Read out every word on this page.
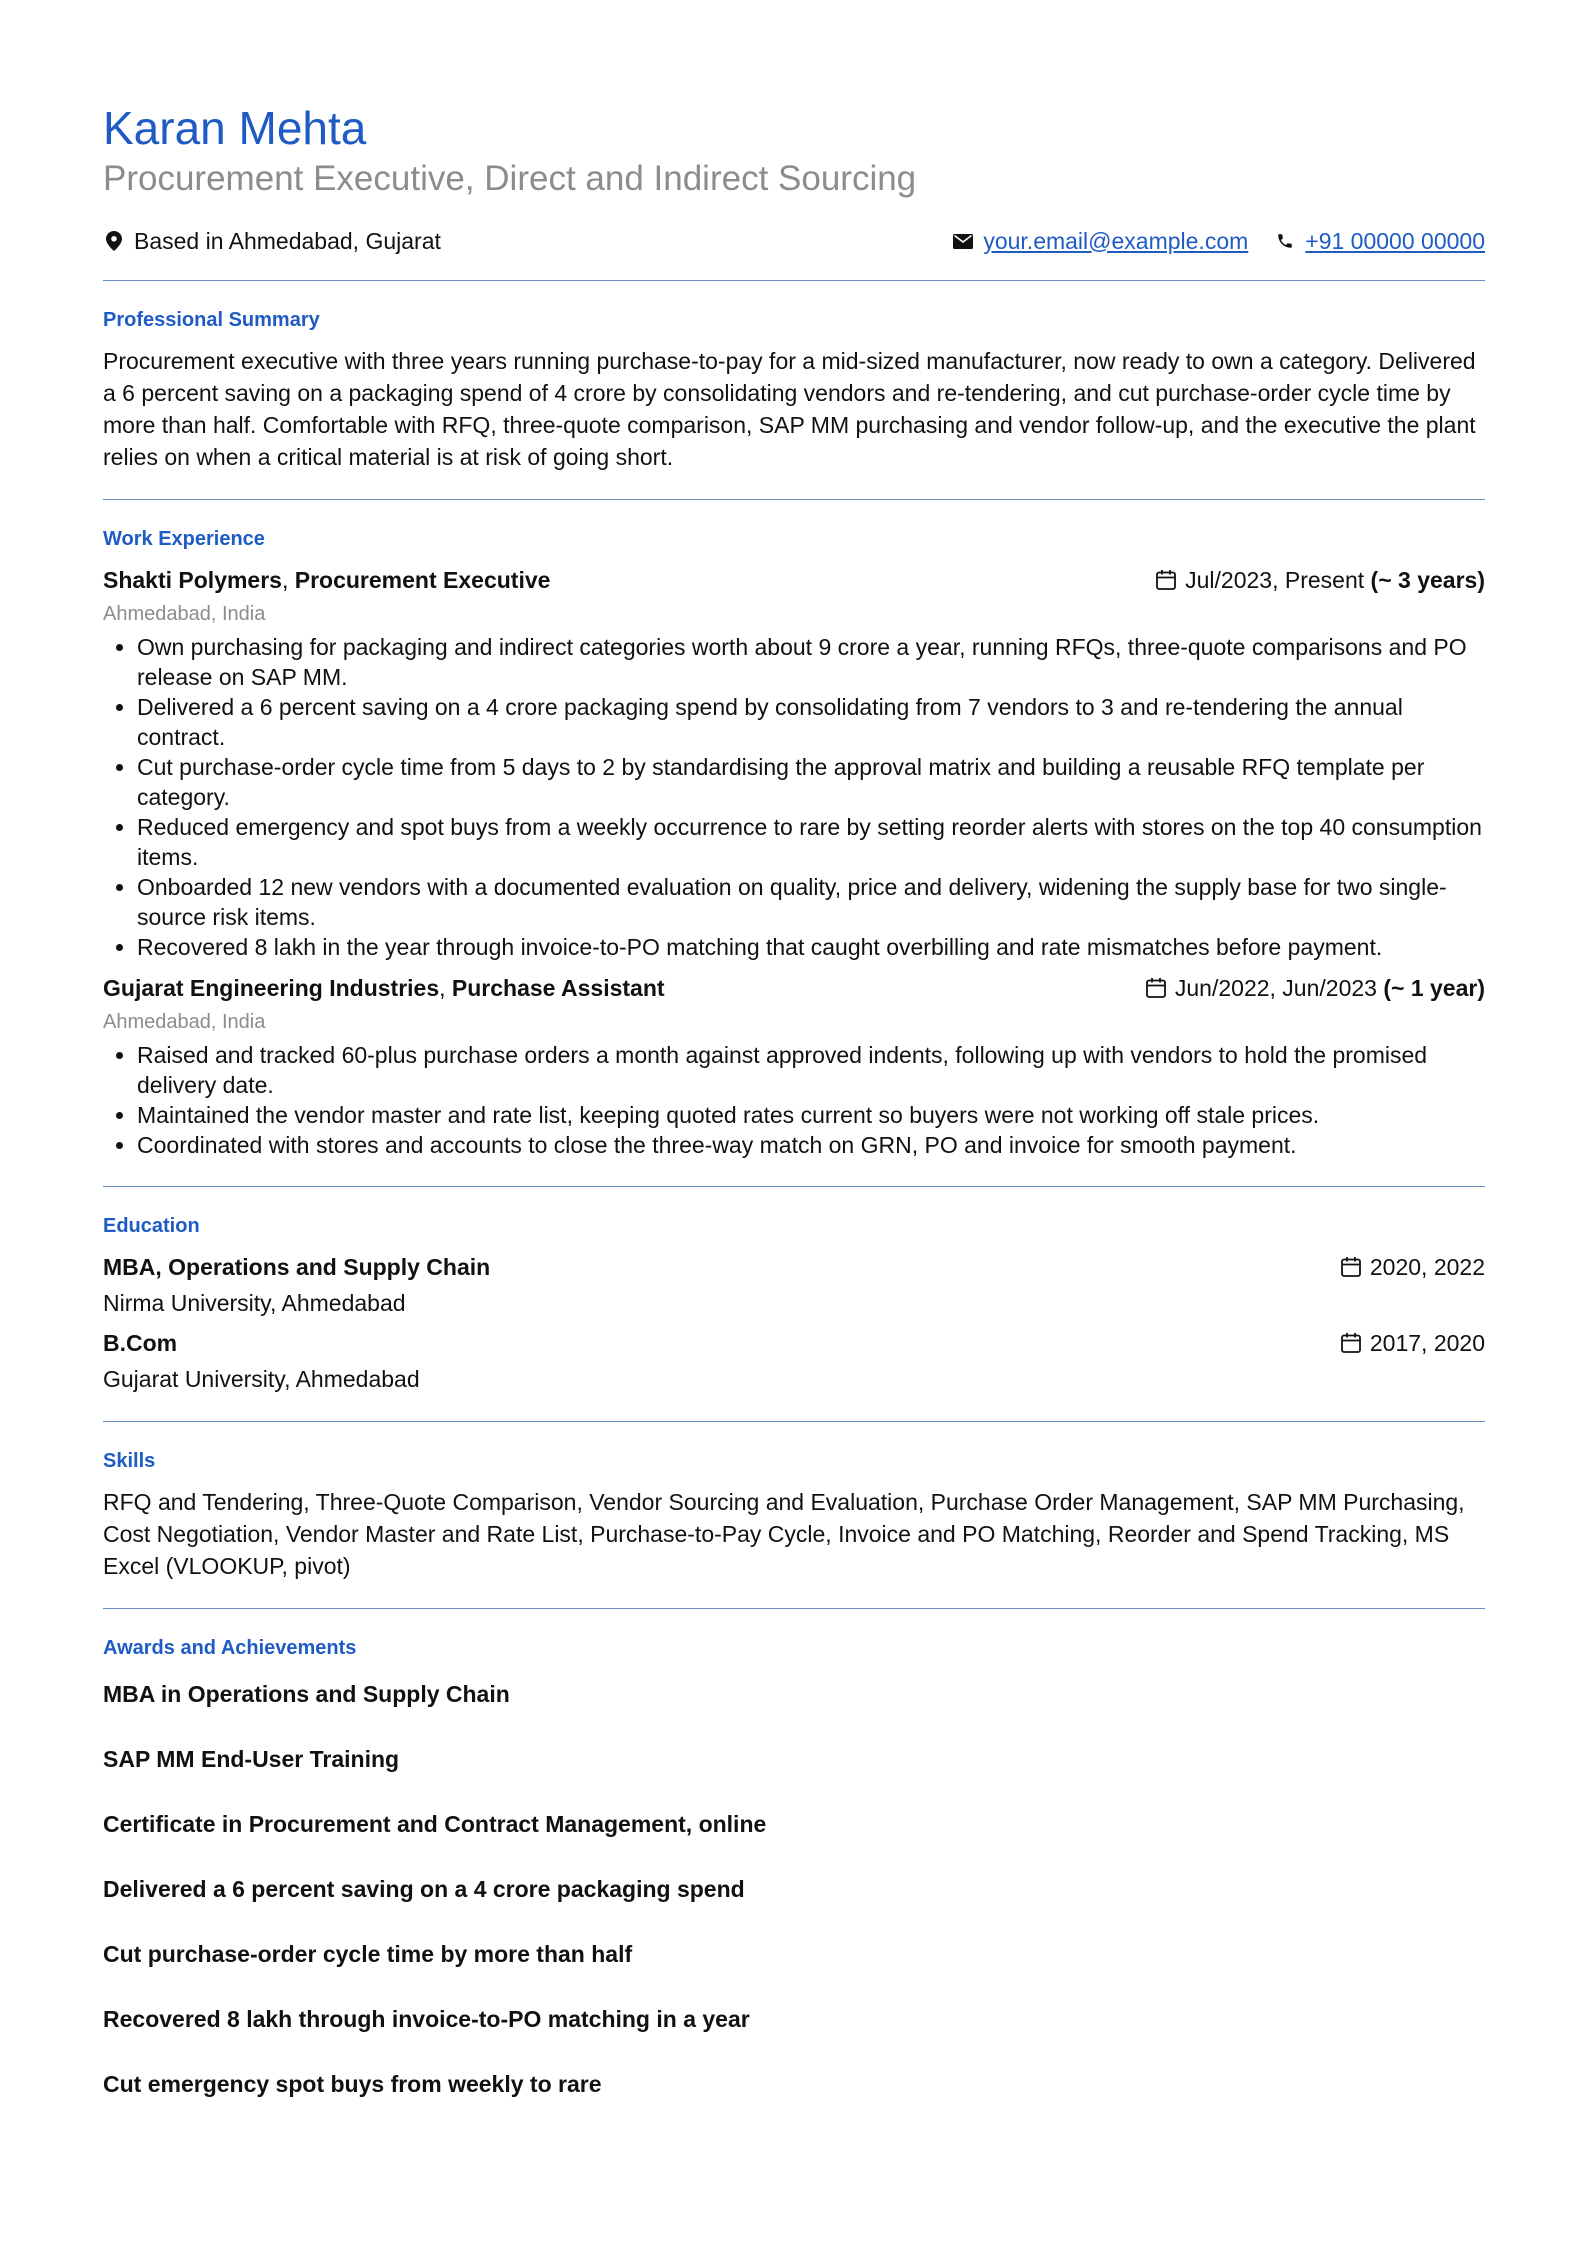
Karan Mehta
Procurement Executive, Direct and Indirect Sourcing
Based in Ahmedabad, Gujarat	your.email@example.com +91 00000 00000
Professional Summary

Procurement executive with three years running purchase-to-pay for a mid-sized manufacturer, now ready to own a category. Delivered a 6 percent saving on a packaging spend of 4 crore by consolidating vendors and re-tendering, and cut purchase-order cycle time by more than half. Comfortable with RFQ, three-quote comparison, SAP MM purchasing and vendor follow-up, and the executive the plant relies on when a critical material is at risk of going short.

Work Experience
Shakti Polymers, Procurement Executive	Jul/2023, Present
(~ 3 years)
Ahmedabad, India
• Own purchasing for packaging and indirect categories worth about 9 crore a year, running RFQs, three-quote comparisons and PO release on SAP MM.
• Delivered a 6 percent saving on a 4 crore packaging spend by consolidating from 7 vendors to 3 and re-tendering the annual contract.
• Cut purchase-order cycle time from 5 days to 2 by standardising the approval matrix and building a reusable RFQ template per category.
• Reduced emergency and spot buys from a weekly occurrence to rare by setting reorder alerts with stores on the top 40 consumption items.
• Onboarded 12 new vendors with a documented evaluation on quality, price and delivery, widening the supply base for two single-source risk items.
• Recovered 8 lakh in the year through invoice-to-PO matching that caught overbilling and rate mismatches before payment.
Gujarat Engineering Industries, Purchase Assistant	Jun/2022, Jun/2023
(~ 1 year)
Ahmedabad, India
• Raised and tracked 60-plus purchase orders a month against approved indents, following up with vendors to hold the promised delivery date.
• Maintained the vendor master and rate list, keeping quoted rates current so buyers were not working off stale prices.
• Coordinated with stores and accounts to close the three-way match on GRN, PO and invoice for smooth payment.
Education
MBA, Operations and Supply Chain	2020, 2022
Nirma University, Ahmedabad
B.Com	2017, 2020
Gujarat University, Ahmedabad
Skills

RFQ and Tendering, Three-Quote Comparison, Vendor Sourcing and Evaluation, Purchase Order Management, SAP MM Purchasing, Cost Negotiation, Vendor Master and Rate List, Purchase-to-Pay Cycle, Invoice and PO Matching, Reorder and Spend Tracking, MS Excel (VLOOKUP, pivot)

Awards and Achievements

MBA in Operations and Supply Chain

SAP MM End-User Training

Certificate in Procurement and Contract Management, online

Delivered a 6 percent saving on a 4 crore packaging spend

Cut purchase-order cycle time by more than half

Recovered 8 lakh through invoice-to-PO matching in a year

Cut emergency spot buys from weekly to rare
